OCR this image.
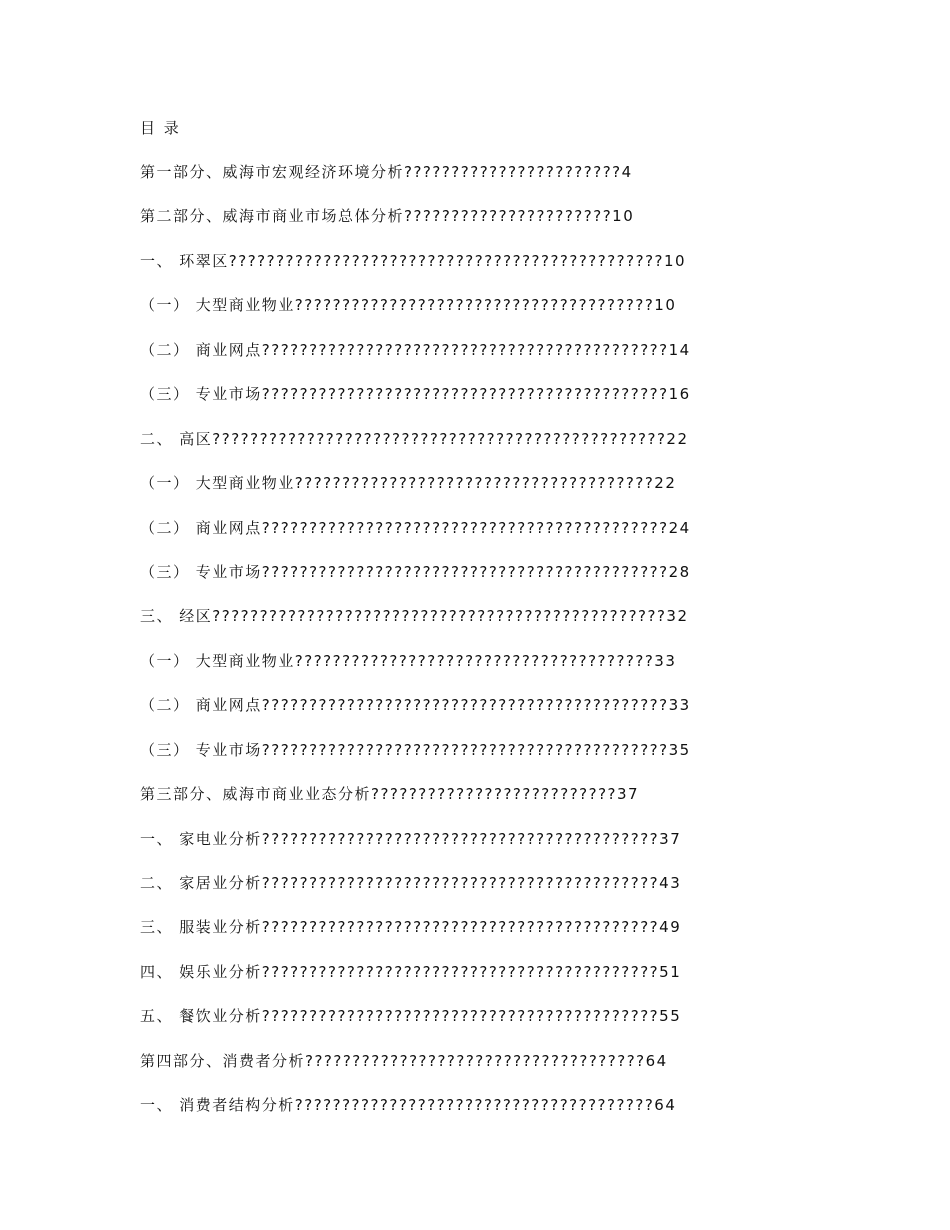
目 录
第一部分、威海市宏观经济环境分析???????????????????????4
第二部分、威海市商业市场总体分析??????????????????????10
一、 环翠区??????????????????????????????????????????????10
（一） 大型商业物业??????????????????????????????????????10
（二） 商业网点???????????????????????????????????????????14
（三） 专业市场???????????????????????????????????????????16
二、 高区????????????????????????????????????????????????22
（一） 大型商业物业??????????????????????????????????????22
（二） 商业网点???????????????????????????????????????????24
（三） 专业市场???????????????????????????????????????????28
三、 经区????????????????????????????????????????????????32
（一） 大型商业物业??????????????????????????????????????33
（二） 商业网点???????????????????????????????????????????33
（三） 专业市场???????????????????????????????????????????35
第三部分、威海市商业业态分析??????????????????????????37
一、 家电业分析??????????????????????????????????????????37
二、 家居业分析??????????????????????????????????????????43
三、 服装业分析??????????????????????????????????????????49
四、 娱乐业分析??????????????????????????????????????????51
五、 餐饮业分析??????????????????????????????????????????55
第四部分、消费者分析????????????????????????????????????64
一、 消费者结构分析??????????????????????????????????????64
